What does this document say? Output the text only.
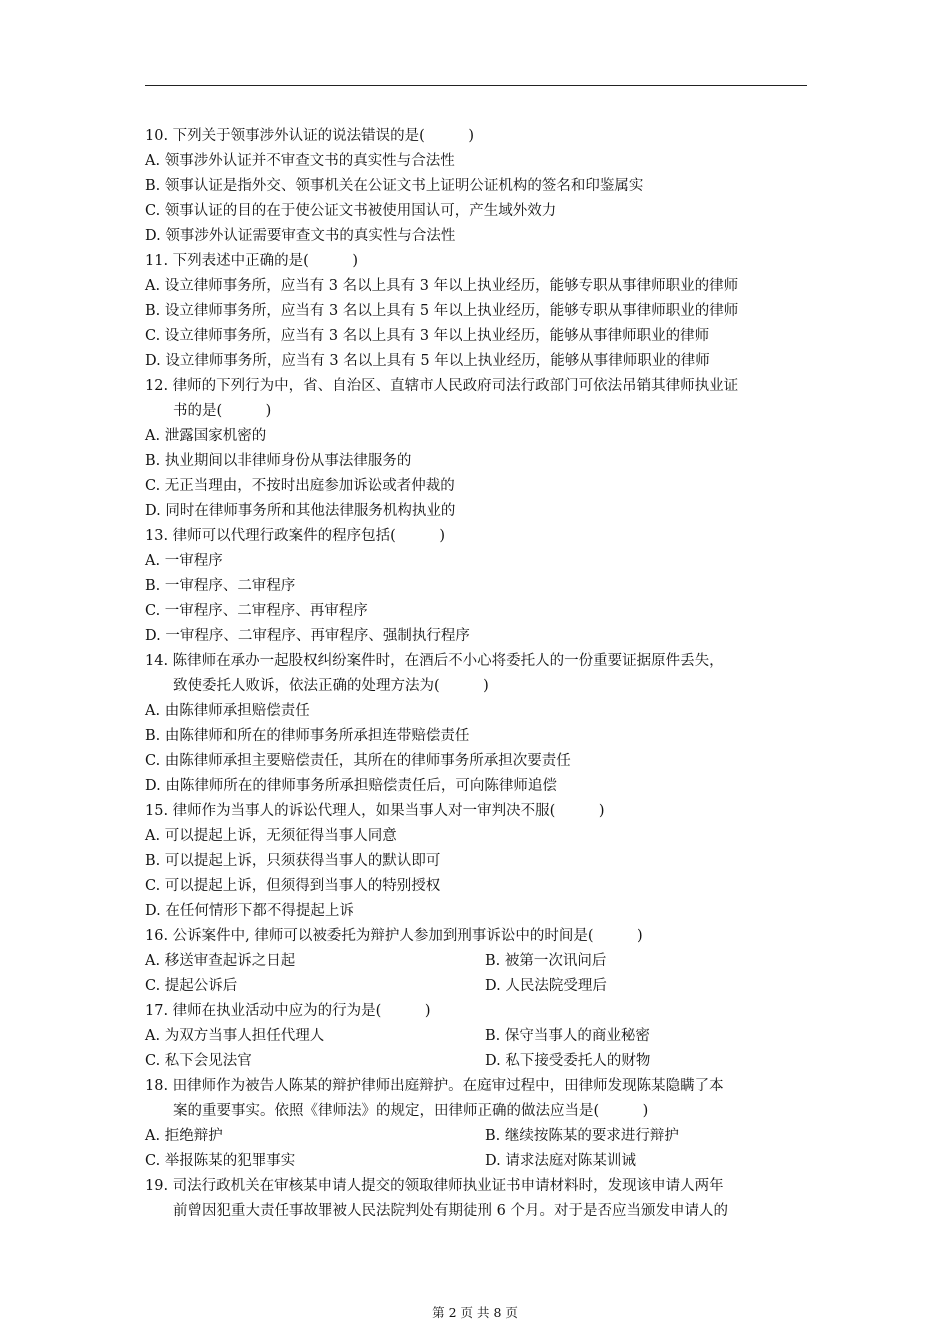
10. 下列关于领事涉外认证的说法错误的是(　　　)
A. 领事涉外认证并不审查文书的真实性与合法性
B. 领事认证是指外交、领事机关在公证文书上证明公证机构的签名和印鉴属实
C. 领事认证的目的在于使公证文书被使用国认可，产生域外效力
D. 领事涉外认证需要审查文书的真实性与合法性
11. 下列表述中正确的是(　　　)
A. 设立律师事务所，应当有 3 名以上具有 3 年以上执业经历，能够专职从事律师职业的律师
B. 设立律师事务所，应当有 3 名以上具有 5 年以上执业经历，能够专职从事律师职业的律师
C. 设立律师事务所，应当有 3 名以上具有 3 年以上执业经历，能够从事律师职业的律师
D. 设立律师事务所，应当有 3 名以上具有 5 年以上执业经历，能够从事律师职业的律师
12. 律师的下列行为中，省、自治区、直辖市人民政府司法行政部门可依法吊销其律师执业证
书的是(　　　)
A. 泄露国家机密的
B. 执业期间以非律师身份从事法律服务的
C. 无正当理由，不按时出庭参加诉讼或者仲裁的
D. 同时在律师事务所和其他法律服务机构执业的
13. 律师可以代理行政案件的程序包括(　　　)
A. 一审程序
B. 一审程序、二审程序
C. 一审程序、二审程序、再审程序
D. 一审程序、二审程序、再审程序、强制执行程序
14. 陈律师在承办一起股权纠纷案件时，在酒后不小心将委托人的一份重要证据原件丢失，
致使委托人败诉，依法正确的处理方法为(　　　)
A. 由陈律师承担赔偿责任
B. 由陈律师和所在的律师事务所承担连带赔偿责任
C. 由陈律师承担主要赔偿责任，其所在的律师事务所承担次要责任
D. 由陈律师所在的律师事务所承担赔偿责任后，可向陈律师追偿
15. 律师作为当事人的诉讼代理人，如果当事人对一审判决不服(　　　)
A. 可以提起上诉，无须征得当事人同意
B. 可以提起上诉，只须获得当事人的默认即可
C. 可以提起上诉，但须得到当事人的特别授权
D. 在任何情形下都不得提起上诉
16. 公诉案件中, 律师可以被委托为辩护人参加到刑事诉讼中的时间是(　　　)
A. 移送审查起诉之日起	B. 被第一次讯问后
C. 提起公诉后	D. 人民法院受理后
17. 律师在执业活动中应为的行为是(　　　)
A. 为双方当事人担任代理人	B. 保守当事人的商业秘密
C. 私下会见法官	D. 私下接受委托人的财物
18. 田律师作为被告人陈某的辩护律师出庭辩护。在庭审过程中，田律师发现陈某隐瞒了本
案的重要事实。依照《律师法》的规定，田律师正确的做法应当是(　　　)
A. 拒绝辩护	B. 继续按陈某的要求进行辩护
C. 举报陈某的犯罪事实	D. 请求法庭对陈某训诫
19. 司法行政机关在审核某申请人提交的领取律师执业证书申请材料时，发现该申请人两年
前曾因犯重大责任事故罪被人民法院判处有期徒刑 6 个月。对于是否应当颁发申请人的
第 2 页 共 8 页
